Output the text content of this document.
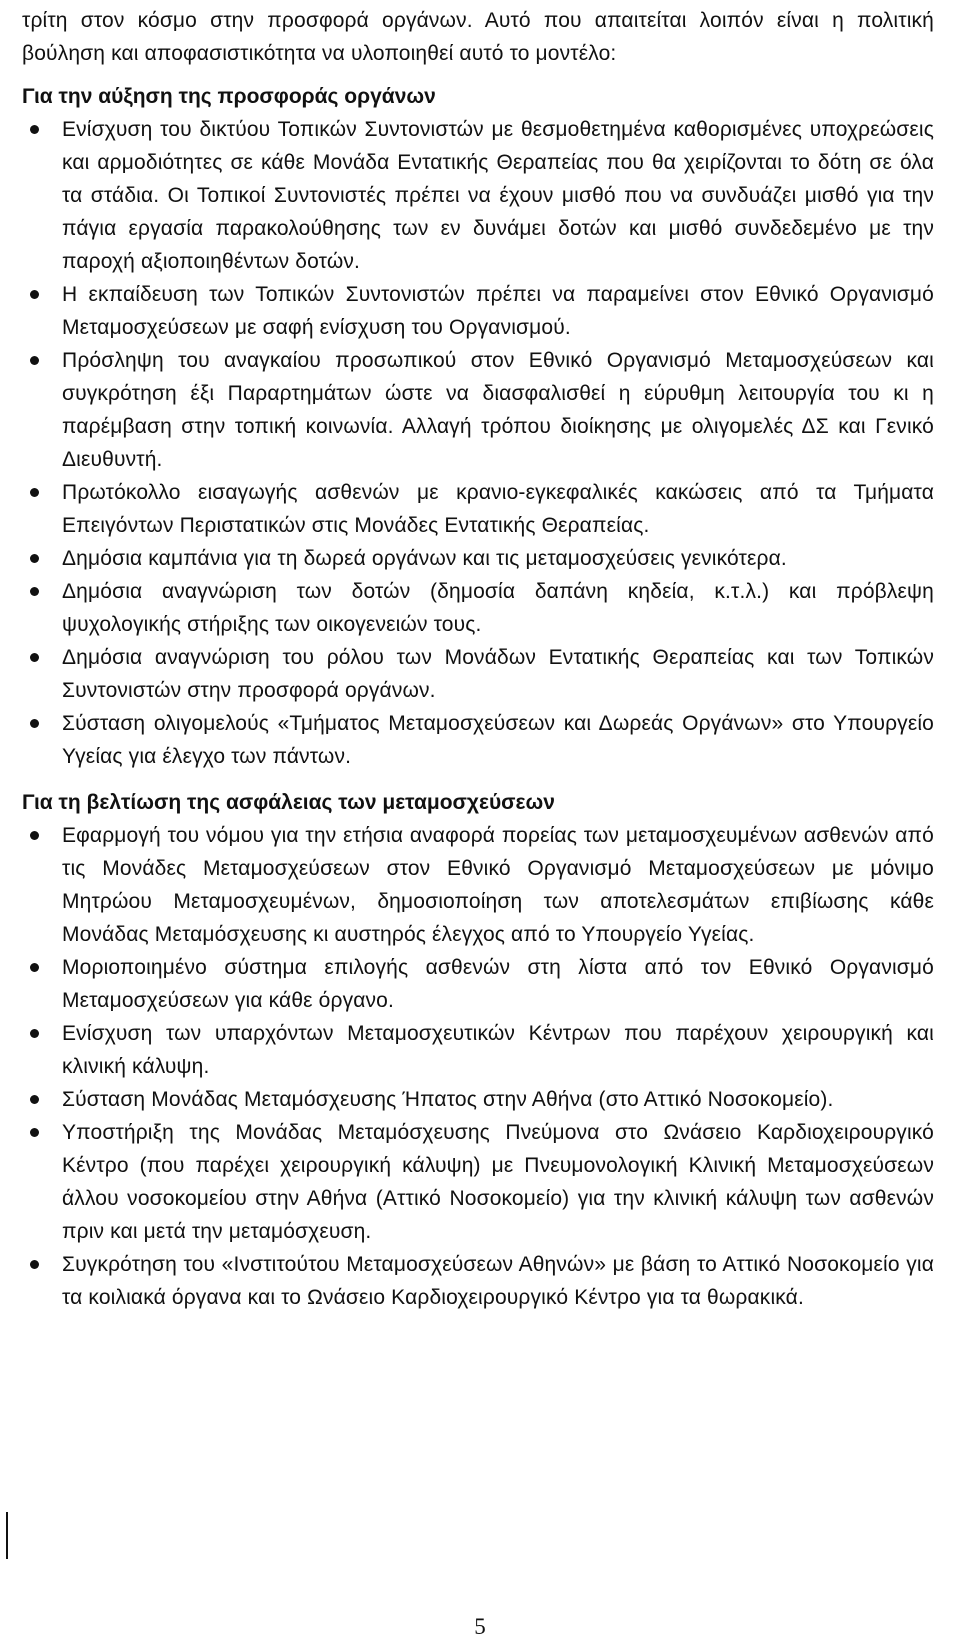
τρίτη στον κόσμο στην προσφορά οργάνων. Αυτό που απαιτείται λοιπόν είναι η πολιτική βούληση και αποφασιστικότητα να υλοποιηθεί αυτό το μοντέλο:

Για την αύξηση της προσφοράς οργάνων
Ενίσχυση του δικτύου Τοπικών Συντονιστών με θεσμοθετημένα καθορισμένες υποχρεώσεις και αρμοδιότητες σε κάθε Μονάδα Εντατικής Θεραπείας που θα χειρίζονται το δότη σε όλα τα στάδια. Οι Τοπικοί Συντονιστές πρέπει να έχουν μισθό που να συνδυάζει μισθό για την πάγια εργασία παρακολούθησης των εν δυνάμει δοτών και μισθό συνδεδεμένο με την παροχή αξιοποιηθέντων δοτών.
Η εκπαίδευση των Τοπικών Συντονιστών πρέπει να παραμείνει στον Εθνικό Οργανισμό Μεταμοσχεύσεων με σαφή ενίσχυση του Οργανισμού.
Πρόσληψη του αναγκαίου προσωπικού στον Εθνικό Οργανισμό Μεταμοσχεύσεων και συγκρότηση έξι Παραρτημάτων ώστε να διασφαλισθεί η εύρυθμη λειτουργία του κι η παρέμβαση στην τοπική κοινωνία. Αλλαγή τρόπου διοίκησης με ολιγομελές ΔΣ και Γενικό Διευθυντή.
Πρωτόκολλο εισαγωγής ασθενών με κρανιο-εγκεφαλικές κακώσεις από τα Τμήματα Επειγόντων Περιστατικών στις Μονάδες Εντατικής Θεραπείας.
Δημόσια καμπάνια για τη δωρεά οργάνων και τις μεταμοσχεύσεις γενικότερα.
Δημόσια αναγνώριση των δοτών (δημοσία δαπάνη κηδεία, κ.τ.λ.) και πρόβλεψη ψυχολογικής στήριξης των οικογενειών τους.
Δημόσια αναγνώριση του ρόλου των Μονάδων Εντατικής Θεραπείας και των Τοπικών Συντονιστών στην προσφορά οργάνων.
Σύσταση ολιγομελούς «Τμήματος Μεταμοσχεύσεων και Δωρεάς Οργάνων» στο Υπουργείο Υγείας για έλεγχο των πάντων.
Για τη βελτίωση της ασφάλειας των μεταμοσχεύσεων
Εφαρμογή του νόμου για την ετήσια αναφορά πορείας των μεταμοσχευμένων ασθενών από τις Μονάδες Μεταμοσχεύσεων στον Εθνικό Οργανισμό Μεταμοσχεύσεων με μόνιμο Μητρώου Μεταμοσχευμένων, δημοσιοποίηση των αποτελεσμάτων επιβίωσης κάθε Μονάδας Μεταμόσχευσης κι αυστηρός έλεγχος από το Υπουργείο Υγείας.
Μοριοποιημένο σύστημα επιλογής ασθενών στη λίστα από τον Εθνικό Οργανισμό Μεταμοσχεύσεων για κάθε όργανο.
Ενίσχυση των υπαρχόντων Μεταμοσχευτικών Κέντρων που παρέχουν χειρουργική και κλινική κάλυψη.
Σύσταση Μονάδας Μεταμόσχευσης Ήπατος στην Αθήνα (στο Αττικό Νοσοκομείο).
Υποστήριξη της Μονάδας Μεταμόσχευσης Πνεύμονα στο Ωνάσειο Καρδιοχειρουργικό Κέντρο (που παρέχει χειρουργική κάλυψη) με Πνευμονολογική Κλινική Μεταμοσχεύσεων άλλου νοσοκομείου στην Αθήνα (Αττικό Νοσοκομείο) για την κλινική κάλυψη των ασθενών πριν και μετά την μεταμόσχευση.
Συγκρότηση του «Ινστιτούτου Μεταμοσχεύσεων Αθηνών» με βάση το Αττικό Νοσοκομείο για τα κοιλιακά όργανα και το Ωνάσειο Καρδιοχειρουργικό Κέντρο για τα θωρακικά.
5
